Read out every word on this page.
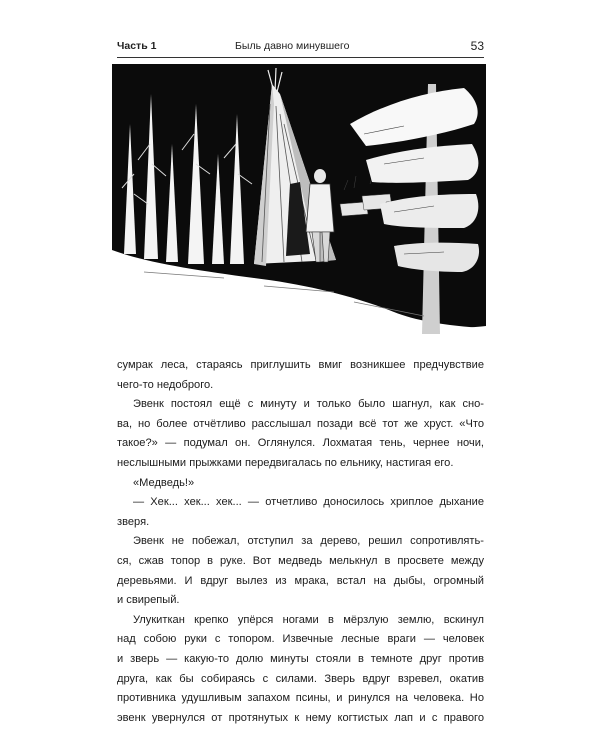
Часть 1	Быль давно минувшего	53
сумрак леса, стараясь приглушить вмиг возникшее предчувствие
чего-то недоброго.
Эвенк постоял ещё с минуту и только было шагнул, как сно-
ва, но более отчётливо расслышал позади всё тот же хруст. «Что
такое?» — подумал он. Оглянулся. Лохматая тень, чернее ночи,
неслышными прыжками передвигалась по ельнику, настигая его.
«Медведь!»
— Хек... хек... хек... — отчетливо доносилось хриплое дыхание
зверя.
Эвенк не побежал, отступил за дерево, решил сопротивлять-
ся, сжав топор в руке. Вот медведь мелькнул в просвете между
деревьями. И вдруг вылез из мрака, встал на дыбы, огромный
и свирепый.
Улукиткан крепко упёрся ногами в мёрзлую землю, вскинул
над собою руки с топором. Извечные лесные враги — человек
и зверь — какую-то долю минуты стояли в темноте друг против
друга, как бы собираясь с силами. Зверь вдруг взревел, окатив
противника удушливым запахом псины, и ринулся на человека. Но
эвенк увернулся от протянутых к нему когтистых лап и с правого
